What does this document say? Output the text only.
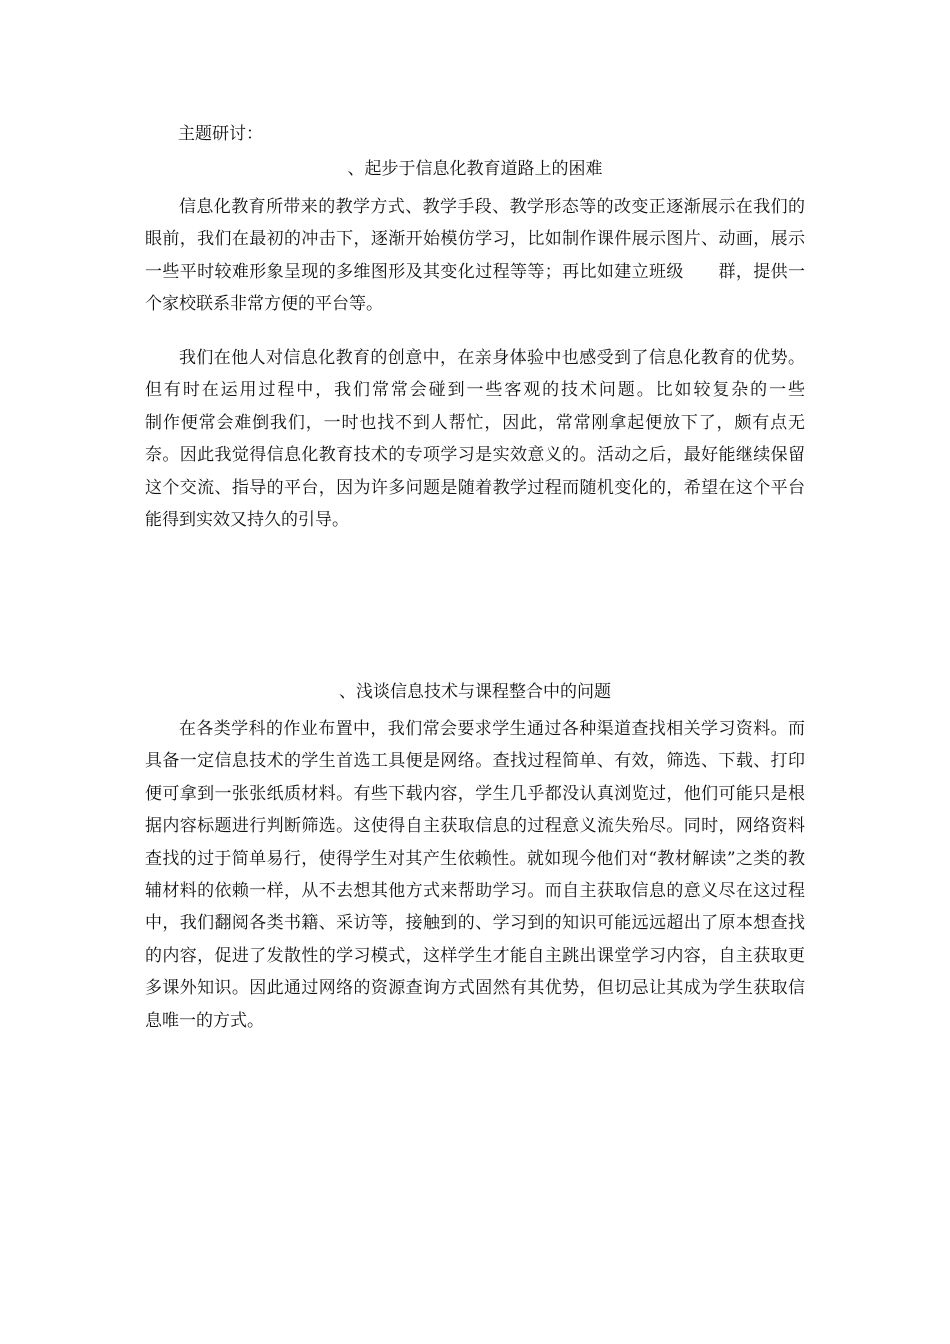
主题研讨：

、起步于信息化教育道路上的困难

信息化教育所带来的教学方式、教学手段、教学形态等的改变正逐渐展示在我们的眼前，我们在最初的冲击下，逐渐开始模仿学习，比如制作课件展示图片、动画，展示一些平时较难形象呈现的多维图形及其变化过程等等；再比如建立班级　　群，提供一个家校联系非常方便的平台等。

我们在他人对信息化教育的创意中，在亲身体验中也感受到了信息化教育的优势。但有时在运用过程中，我们常常会碰到一些客观的技术问题。比如较复杂的一些　　　制作便常会难倒我们，一时也找不到人帮忙，因此，常常刚拿起便放下了，颇有点无奈。因此我觉得信息化教育技术的专项学习是实效意义的。活动之后，最好能继续保留这个交流、指导的平台，因为许多问题是随着教学过程而随机变化的，希望在这个平台能得到实效又持久的引导。

、浅谈信息技术与课程整合中的问题

在各类学科的作业布置中，我们常会要求学生通过各种渠道查找相关学习资料。而具备一定信息技术的学生首选工具便是网络。查找过程简单、有效，筛选、下载、打印便可拿到一张张纸质材料。有些下载内容，学生几乎都没认真浏览过，他们可能只是根据内容标题进行判断筛选。这使得自主获取信息的过程意义流失殆尽。同时，网络资料查找的过于简单易行，使得学生对其产生依赖性。就如现今他们对“教材解读”之类的教辅材料的依赖一样，从不去想其他方式来帮助学习。而自主获取信息的意义尽在这过程中，我们翻阅各类书籍、采访等，接触到的、学习到的知识可能远远超出了原本想查找的内容，促进了发散性的学习模式，这样学生才能自主跳出课堂学习内容，自主获取更多课外知识。因此通过网络的资源查询方式固然有其优势，但切忌让其成为学生获取信息唯一的方式。
